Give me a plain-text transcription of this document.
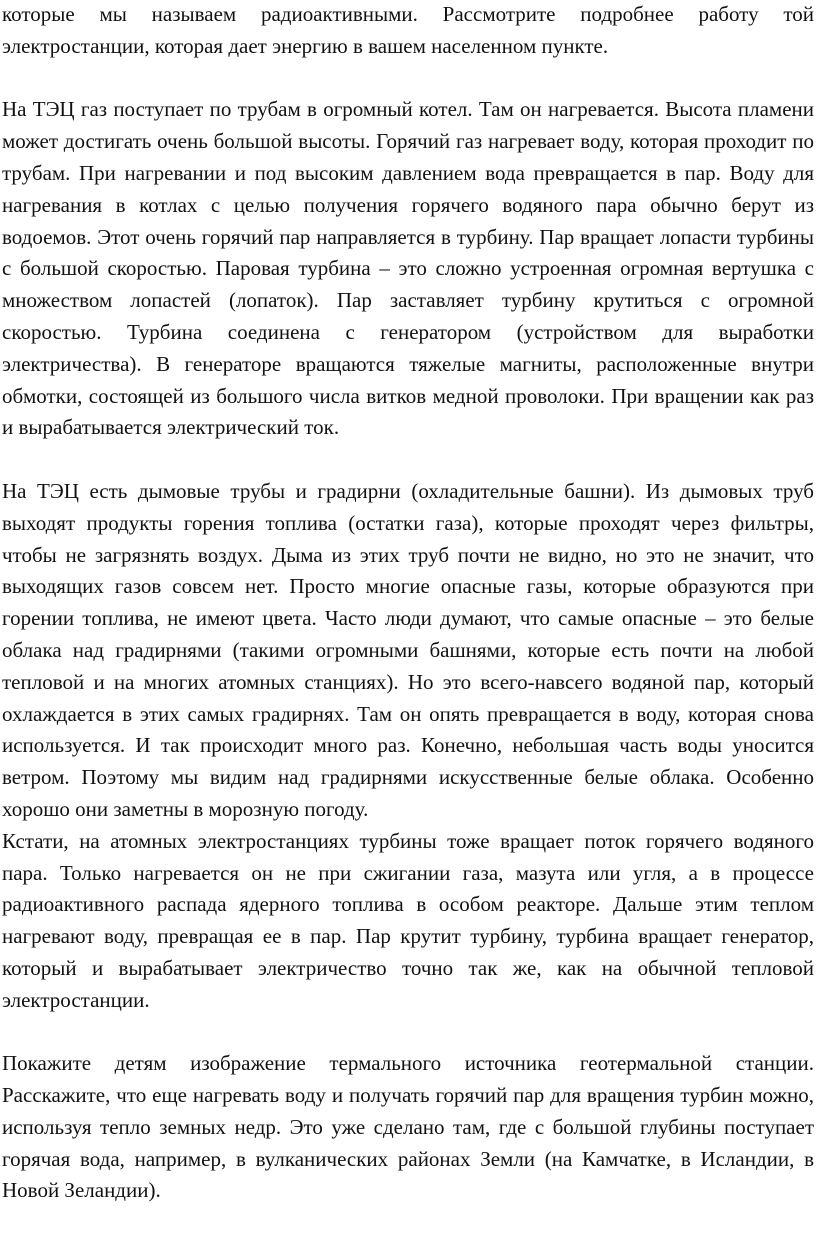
которые мы называем радиоактивными. Рассмотрите подробнее работу той электростанции, которая дает энергию в вашем населенном пункте.

На ТЭЦ газ поступает по трубам в огромный котел. Там он нагревается. Высота пламени может достигать очень большой высоты. Горячий газ нагревает воду, которая проходит по трубам. При нагревании и под высоким давлением вода превращается в пар. Воду для нагревания в котлах с целью получения горячего водяного пара обычно берут из водоемов. Этот очень горячий пар направляется в турбину. Пар вращает лопасти турбины с большой скоростью. Паровая турбина – это сложно устроенная огромная вертушка с множеством лопастей (лопаток). Пар заставляет турбину крутиться с огромной скоростью. Турбина соединена с генератором (устройством для выработки электричества). В генераторе вращаются тяжелые магниты, расположенные внутри обмотки, состоящей из большого числа витков медной проволоки. При вращении как раз и вырабатывается электрический ток.

На ТЭЦ есть дымовые трубы и градирни (охладительные башни). Из дымовых труб выходят продукты горения топлива (остатки газа), которые проходят через фильтры, чтобы не загрязнять воздух. Дыма из этих труб почти не видно, но это не значит, что выходящих газов совсем нет. Просто многие опасные газы, которые образуются при горении топлива, не имеют цвета. Часто люди думают, что самые опасные – это белые облака над градирнями (такими огромными башнями, которые есть почти на любой тепловой и на многих атомных станциях). Но это всего-навсего водяной пар, который охлаждается в этих самых градирнях. Там он опять превращается в воду, которая снова используется. И так происходит много раз. Конечно, небольшая часть воды уносится ветром. Поэтому мы видим над градирнями искусственные белые облака. Особенно хорошо они заметны в морозную погоду.

Кстати, на атомных электростанциях турбины тоже вращает поток горячего водяного пара. Только нагревается он не при сжигании газа, мазута или угля, а в процессе радиоактивного распада ядерного топлива в особом реакторе. Дальше этим теплом нагревают воду, превращая ее в пар. Пар крутит турбину, турбина вращает генератор, который и вырабатывает электричество точно так же, как на обычной тепловой электростанции.

Покажите детям изображение термального источника геотермальной станции. Расскажите, что еще нагревать воду и получать горячий пар для вращения турбин можно, используя тепло земных недр. Это уже сделано там, где с большой глубины поступает горячая вода, например, в вулканических районах Земли (на Камчатке, в Исландии, в Новой Зеландии).
